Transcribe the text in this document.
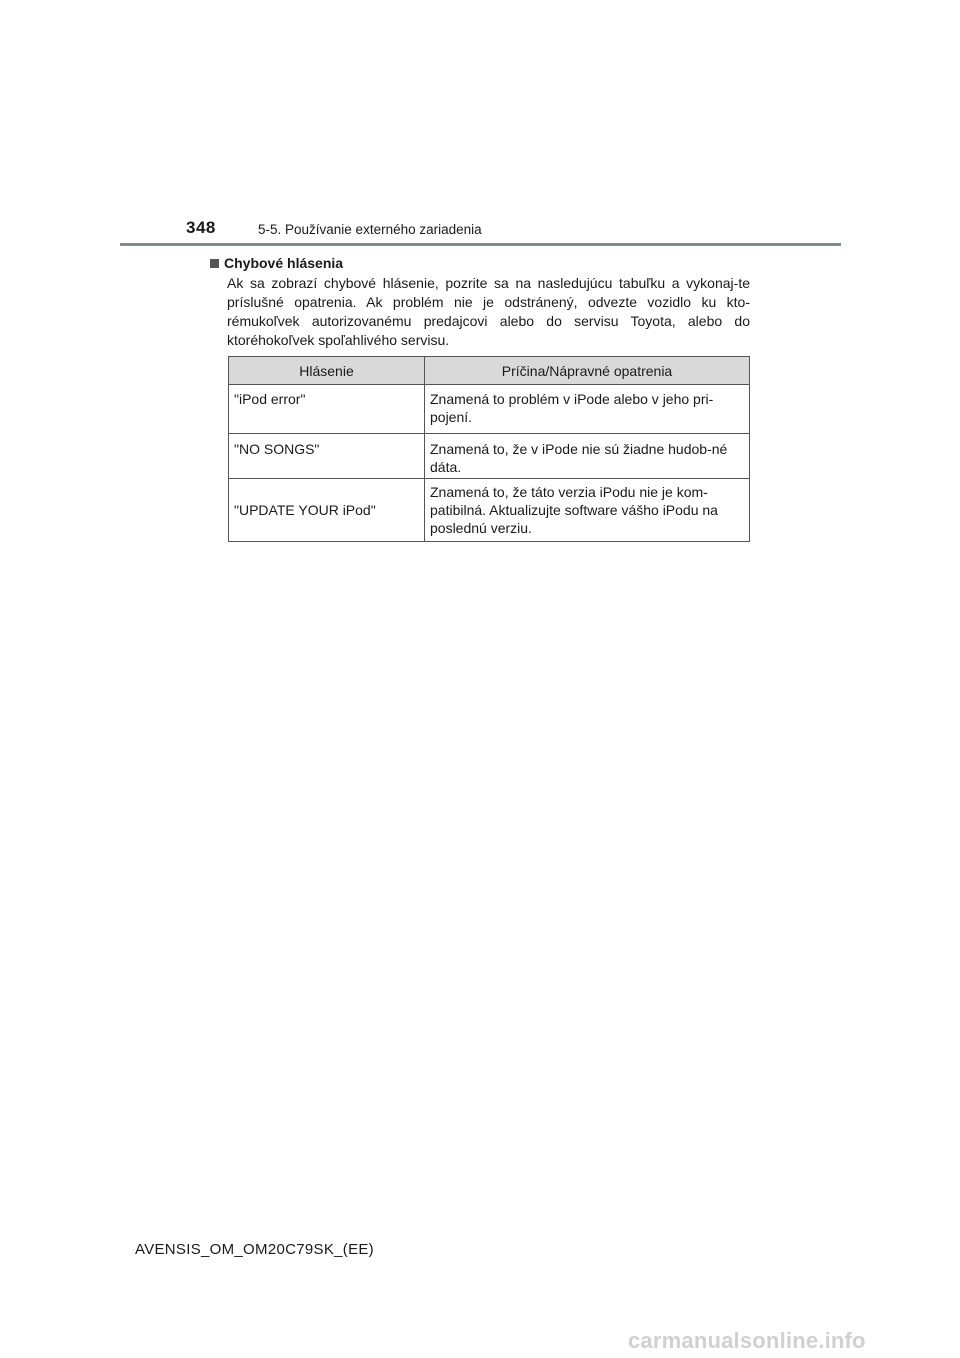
348	5-5. Používanie externého zariadenia
Chybové hlásenia
Ak sa zobrazí chybové hlásenie, pozrite sa na nasledujúcu tabuľku a vykonaj-te príslušné opatrenia. Ak problém nie je odstránený, odvezte vozidlo ku kto-rémukoľvek autorizovanému predajcovi alebo do servisu Toyota, alebo do ktoréhokoľvek spoľahlivého servisu.
Hlásenie	Príčina/Nápravné opatrenia
"iPod error"	Znamená to problém v iPode alebo v jeho pri-pojení.
"NO SONGS"	Znamená to, že v iPode nie sú žiadne hudob-né dáta.
"UPDATE YOUR iPod"	Znamená to, že táto verzia iPodu nie je kom-patibilná. Aktualizujte software vášho iPodu na poslednú verziu.
AVENSIS_OM_OM20C79SK_(EE)
carmanualsonline.info
